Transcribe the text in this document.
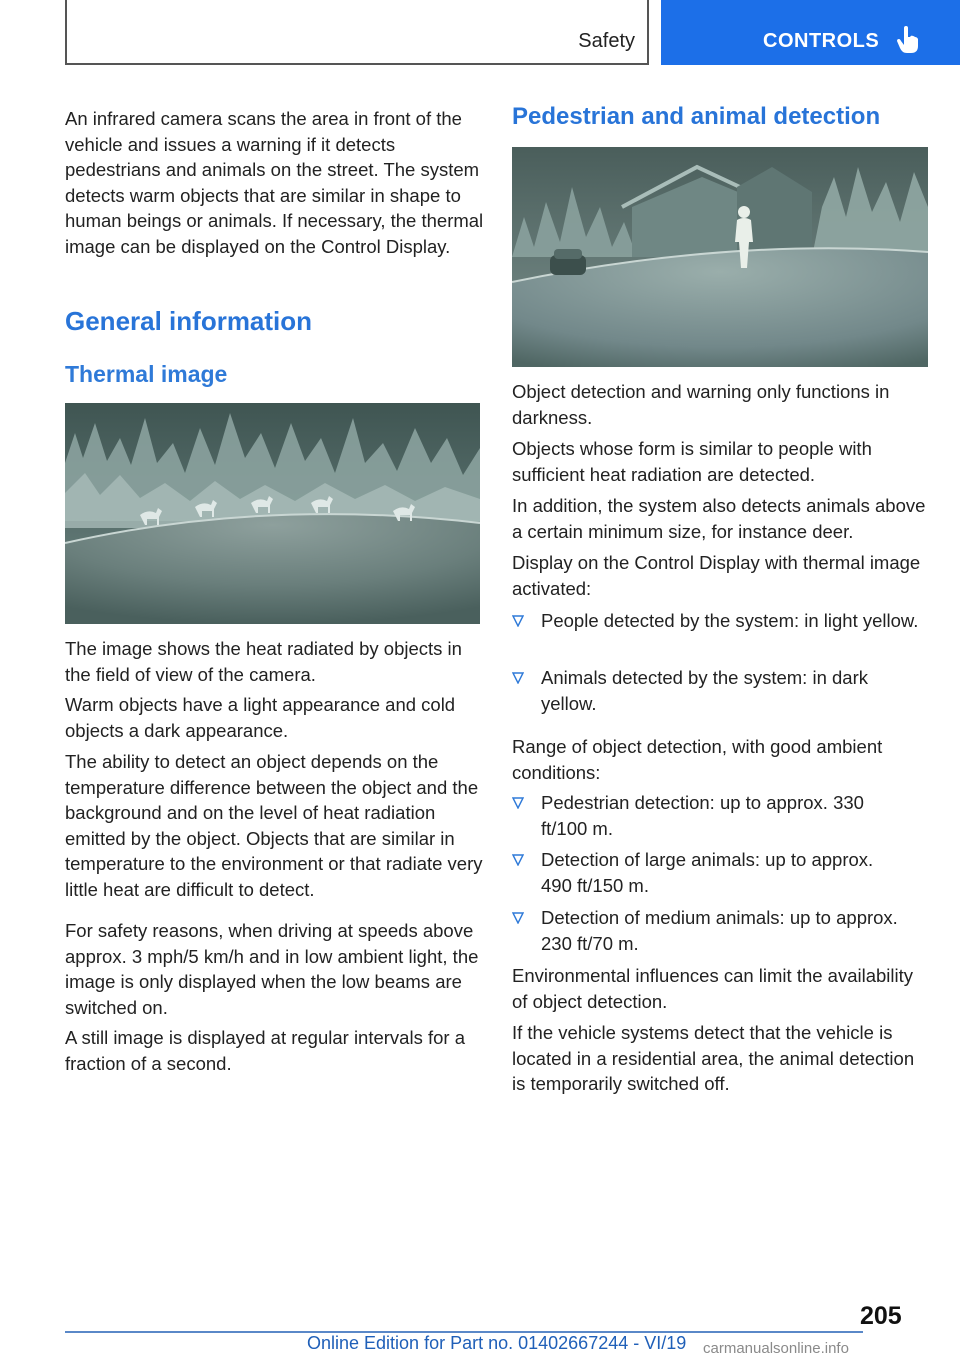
Safety	CONTROLS
An infrared camera scans the area in front of the vehicle and issues a warning if it detects pedestrians and animals on the street. The system detects warm objects that are similar in shape to human beings or animals. If necessary, the thermal image can be displayed on the Control Display.
General information
Thermal image
The image shows the heat radiated by objects in the field of view of the camera.
Warm objects have a light appearance and cold objects a dark appearance.
The ability to detect an object depends on the temperature difference between the object and the background and on the level of heat radiation emitted by the object. Objects that are similar in temperature to the environment or that radiate very little heat are difficult to detect.
For safety reasons, when driving at speeds above approx. 3 mph/5 km/h and in low ambient light, the image is only displayed when the low beams are switched on.
A still image is displayed at regular intervals for a fraction of a second.
Pedestrian and animal detection
Object detection and warning only functions in darkness.
Objects whose form is similar to people with sufficient heat radiation are detected.
In addition, the system also detects animals above a certain minimum size, for instance deer.
Display on the Control Display with thermal image activated:
People detected by the system: in light yellow.
Animals detected by the system: in dark yellow.
Range of object detection, with good ambient conditions:
Pedestrian detection: up to approx. 330 ft/100 m.
Detection of large animals: up to approx. 490 ft/150 m.
Detection of medium animals: up to approx. 230 ft/70 m.
Environmental influences can limit the availability of object detection.
If the vehicle systems detect that the vehicle is located in a residential area, the animal detection is temporarily switched off.
205
Online Edition for Part no. 01402667244 - VI/19 carmanualsonline.info
